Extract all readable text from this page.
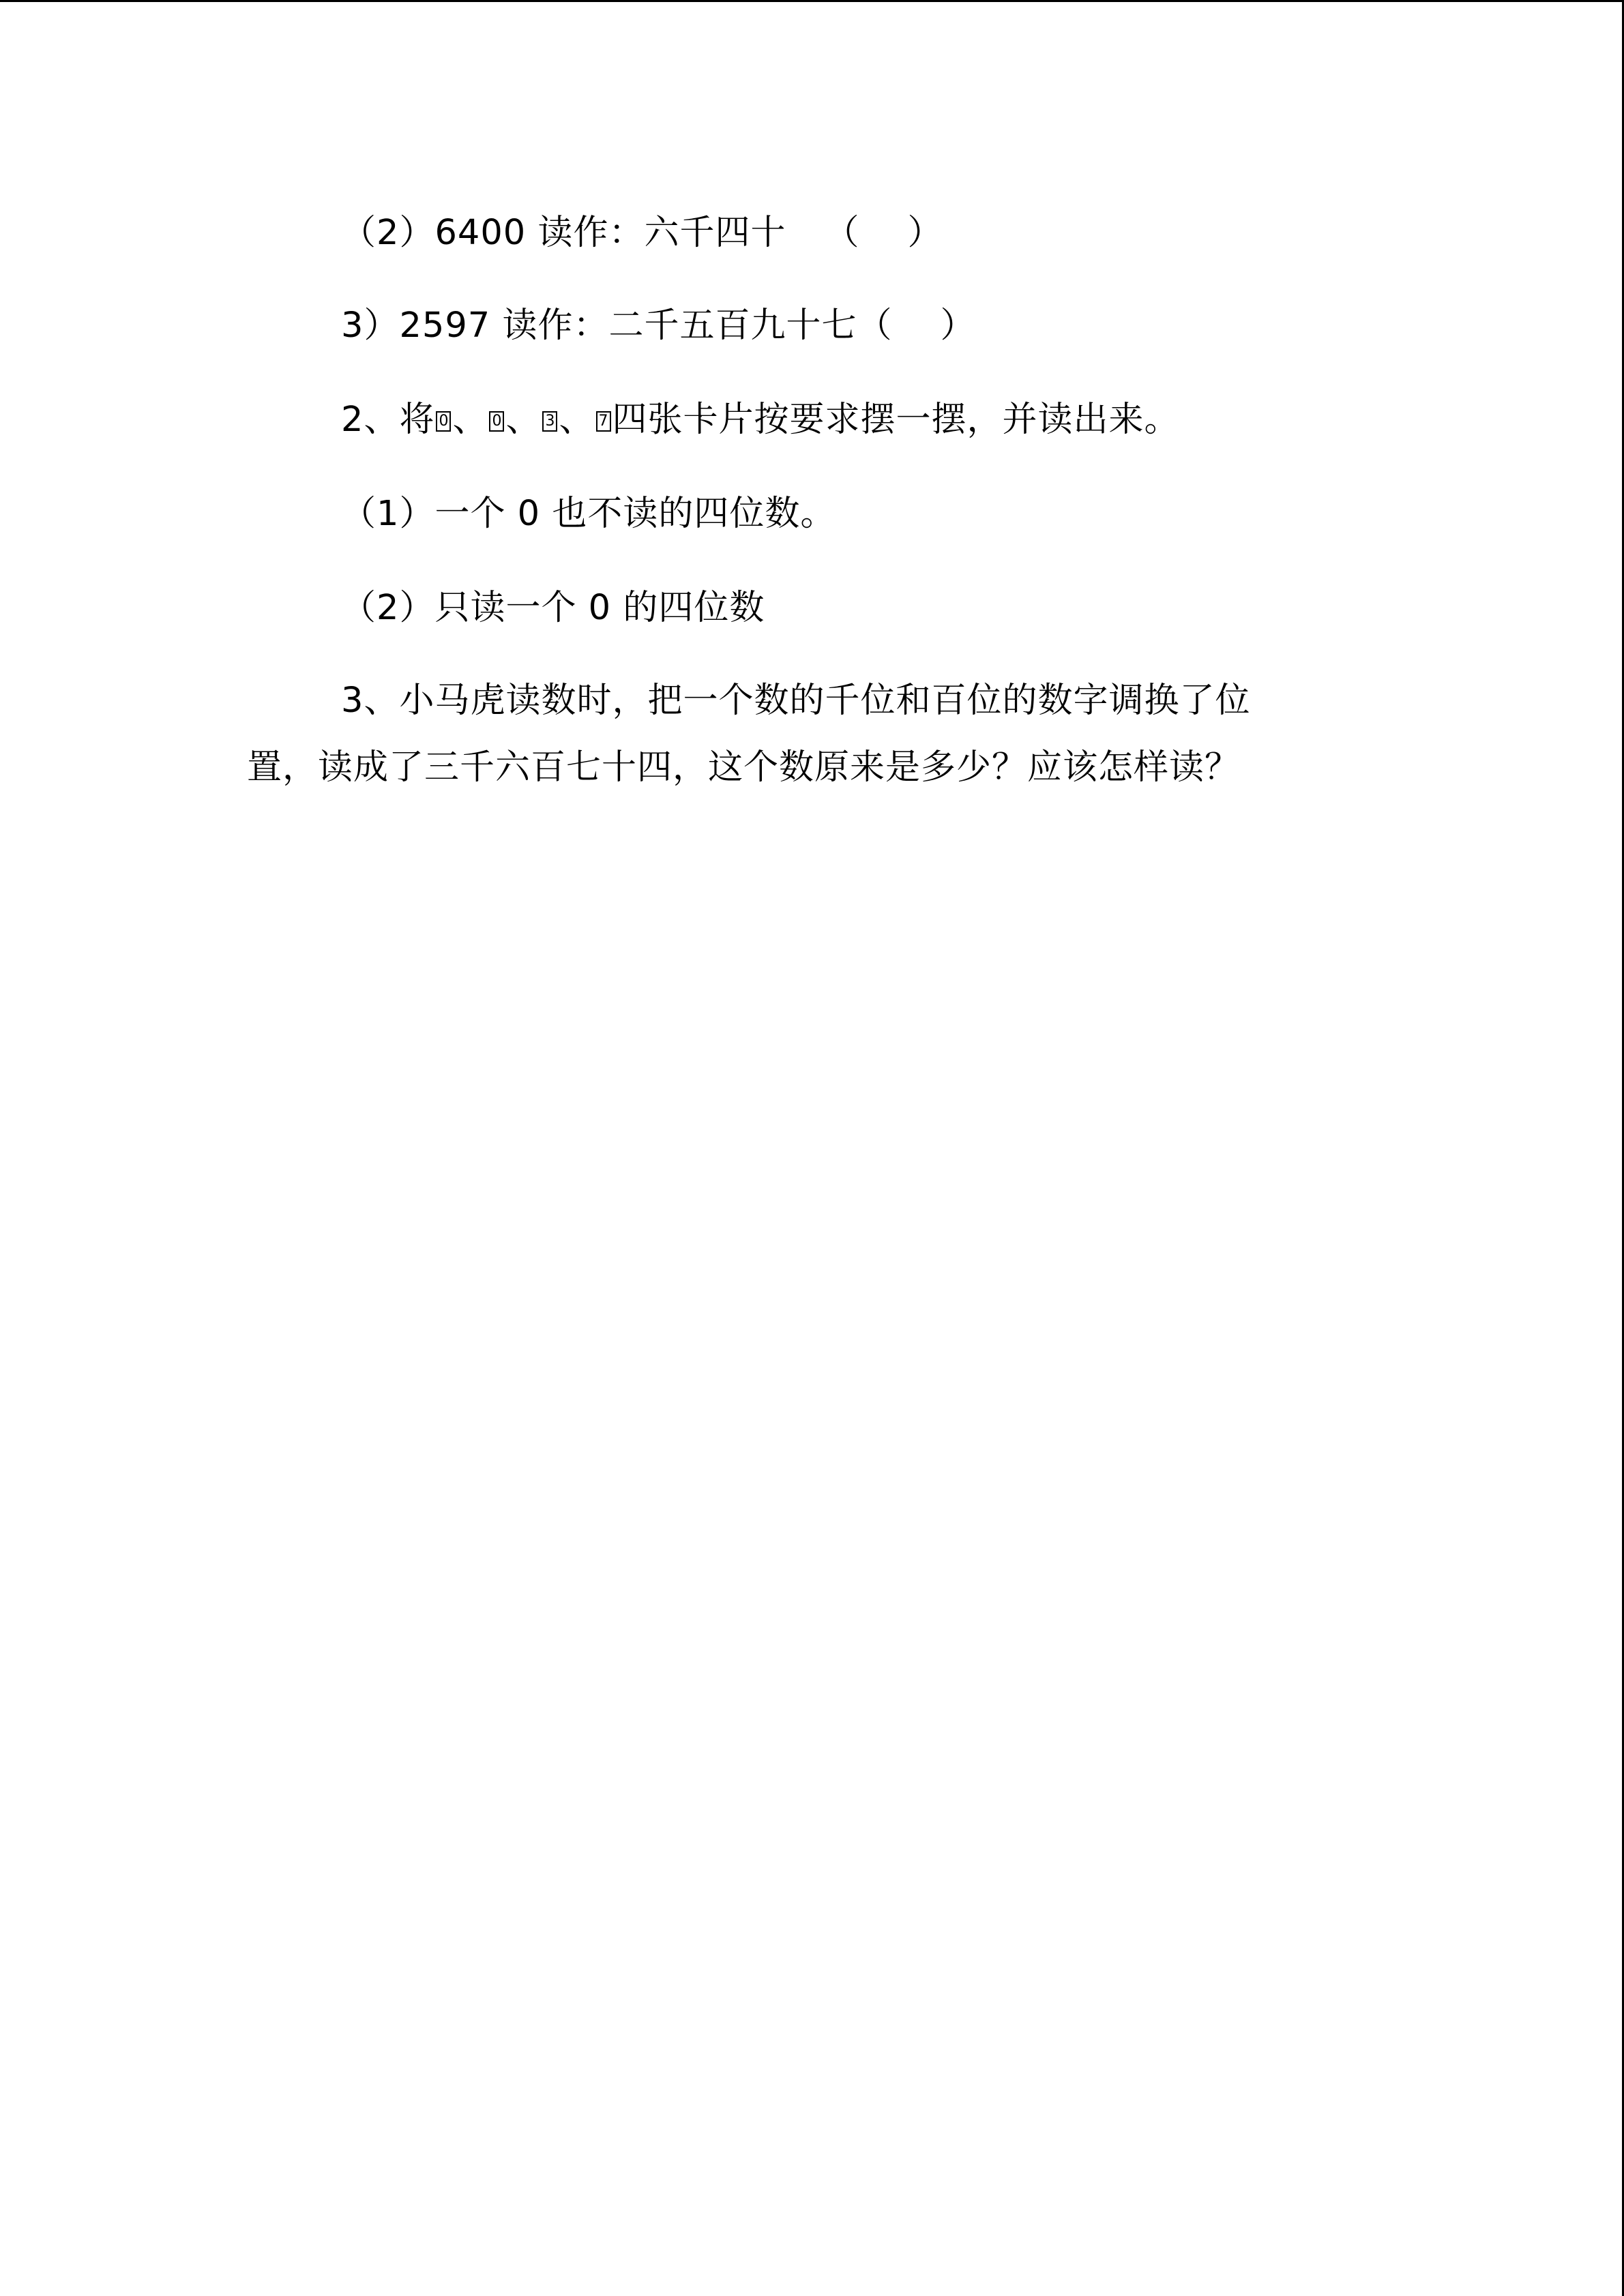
（2）6400 读作：六千四十 （ ）
3）2597 读作：二千五百九十七（ ）
2、将 0 、 0 、 3 、 7 四张卡片按要求摆一摆，并读出来。
（1）一个 0 也不读的四位数。
（2）只读一个 0 的四位数
3、小马虎读数时，把一个数的千位和百位的数字调换了位
置，读成了三千六百七十四，这个数原来是多少？应该怎样读？
